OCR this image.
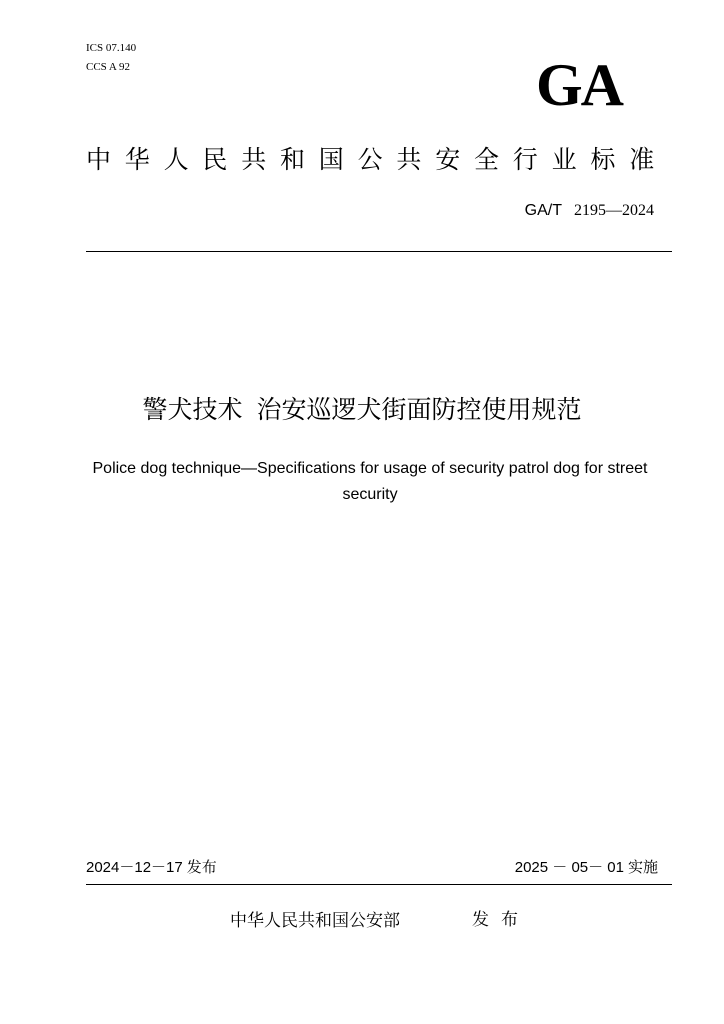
ICS 07.140
CCS A 92	GA
中华人民共和国公共安全行业标准
GA/T 2195—2024
警犬技术 治安巡逻犬街面防控使用规范
Police dog technique—Specifications for usage of security patrol dog for street security
2024－12－17 发布	2025 － 05－ 01 实施
中华人民共和国公安部	发布
